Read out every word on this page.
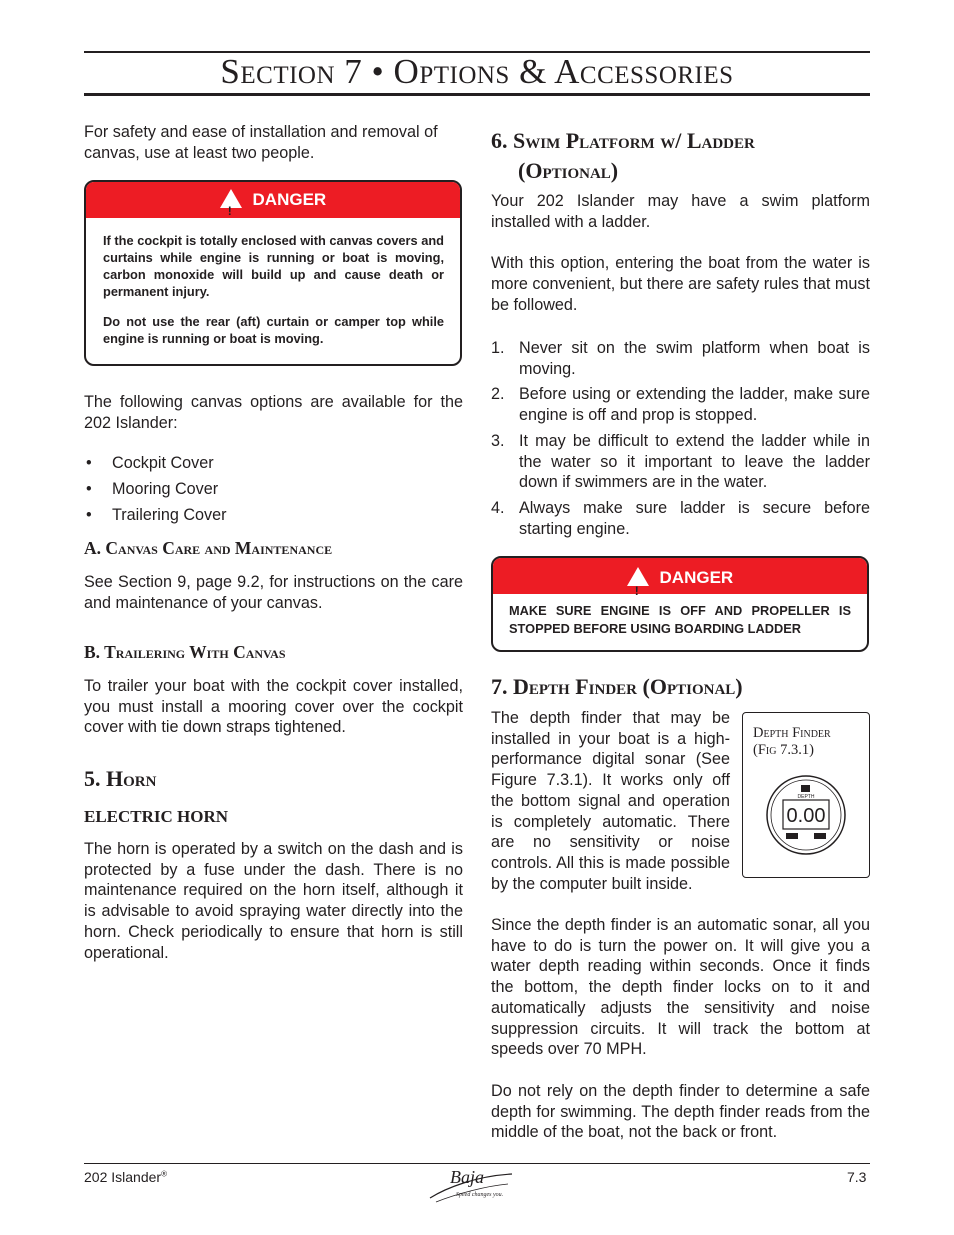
Section 7 • Options & Accessories

For safety and ease of installation and removal of canvas, use at least two people.

!
DANGER

If the cockpit is totally enclosed with canvas covers and curtains while engine is running or boat is moving, carbon monoxide will build up and cause death or permanent injury.

Do not use the rear (aft) curtain or camper top while engine is running or boat is moving.

The following canvas options are available for the 202 Islander:

• Cockpit Cover
• Mooring Cover
• Trailering Cover
A. Canvas Care and Maintenance

See Section 9, page 9.2, for instructions on the care and maintenance of your canvas.

B. Trailering With Canvas

To trailer your boat with the cockpit cover installed, you must install a mooring cover over the cockpit cover with tie down straps tightened.

5. Horn
ELECTRIC HORN

The horn is operated by a switch on the dash and is protected by a fuse under the dash. There is no maintenance required on the horn itself, although it is advisable to avoid spraying water directly into the horn. Check periodically to ensure that horn is still operational.

6. Swim Platform w/ Ladder
(Optional)

Your 202 Islander may have a swim platform installed with a ladder.

With this option, entering the boat from the water is more convenient, but there are safety rules that must be followed.

1. Never sit on the swim platform when boat is moving.
2. Before using or extending the ladder, make sure engine is off and prop is stopped.
3. It may be difficult to extend the ladder while in the water so it important to leave the ladder down if swimmers are in the water.
4. Always make sure ladder is secure before starting engine.
!
DANGER

MAKE SURE ENGINE IS OFF AND PROPELLER IS STOPPED BEFORE USING BOARDING LADDER

7. Depth Finder (Optional)

The depth finder that may be installed in your boat is a high-performance digital sonar (See Figure 7.3.1). It works only off the bottom signal and operation is completely automatic. There are no sensitivity or noise controls. All this is made possible by the computer built inside.

Depth Finder
(Fig 7.3.1)
DEPTH
0.00

Since the depth finder is an automatic sonar, all you have to do is turn the power on. It will give you a water depth reading within seconds. Once it finds the bottom, the depth finder locks on to it and automatically adjusts the sensitivity and noise suppression circuits. It will track the bottom at speeds over 70 MPH.

Do not rely on the depth finder to determine a safe depth for swimming. The depth finder reads from the middle of the boat, not the back or front.

202 Islander®	Baja
Speed changes you.
7.3
